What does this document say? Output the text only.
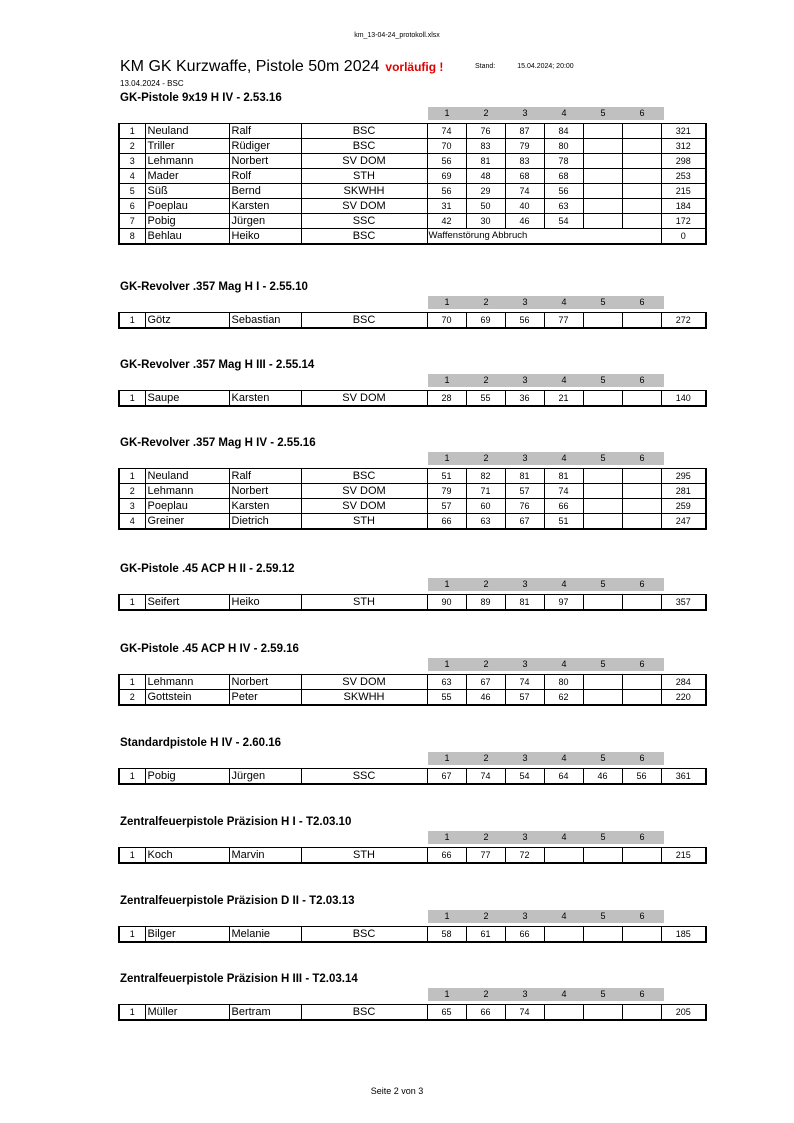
km_13-04-24_protokoll.xlsx
KM GK Kurzwaffe, Pistole 50m 2024 vorläufig !	Stand:	15.04.2024; 20:00
13.04.2024 - BSC
GK-Pistole 9x19 H IV - 2.53.16
1	2	3	4	5	6
1	Neuland	Ralf	BSC	74	76	87	84			321
2	Triller	Rüdiger	BSC	70	83	79	80			312
3	Lehmann	Norbert	SV DOM	56	81	83	78			298
4	Mader	Rolf	STH	69	48	68	68			253
5	Süß	Bernd	SKWHH	56	29	74	56			215
6	Poeplau	Karsten	SV DOM	31	50	40	63			184
7	Pobig	Jürgen	SSC	42	30	46	54			172
8	Behlau	Heiko	BSC	Waffenstörung Abbruch						0
GK-Revolver .357 Mag H I - 2.55.10
1	2	3	4	5	6
1	Götz	Sebastian	BSC	70	69	56	77			272
GK-Revolver .357 Mag H III - 2.55.14
1	2	3	4	5	6
1	Saupe	Karsten	SV DOM	28	55	36	21			140
GK-Revolver .357 Mag H IV - 2.55.16
1	2	3	4	5	6
1	Neuland	Ralf	BSC	51	82	81	81			295
2	Lehmann	Norbert	SV DOM	79	71	57	74			281
3	Poeplau	Karsten	SV DOM	57	60	76	66			259
4	Greiner	Dietrich	STH	66	63	67	51			247
GK-Pistole .45 ACP H II - 2.59.12
1	2	3	4	5	6
1	Seifert	Heiko	STH	90	89	81	97			357
GK-Pistole .45 ACP H IV - 2.59.16
1	2	3	4	5	6
1	Lehmann	Norbert	SV DOM	63	67	74	80			284
2	Gottstein	Peter	SKWHH	55	46	57	62			220
Standardpistole H IV - 2.60.16
1	2	3	4	5	6
1	Pobig	Jürgen	SSC	67	74	54	64	46	56	361
Zentralfeuerpistole Präzision H I - T2.03.10
1	2	3	4	5	6
1	Koch	Marvin	STH	66	77	72				215
Zentralfeuerpistole Präzision D II - T2.03.13
1	2	3	4	5	6
1	Bilger	Melanie	BSC	58	61	66				185
Zentralfeuerpistole Präzision H III - T2.03.14
1	2	3	4	5	6
1	Müller	Bertram	BSC	65	66	74				205
Seite 2 von 3
